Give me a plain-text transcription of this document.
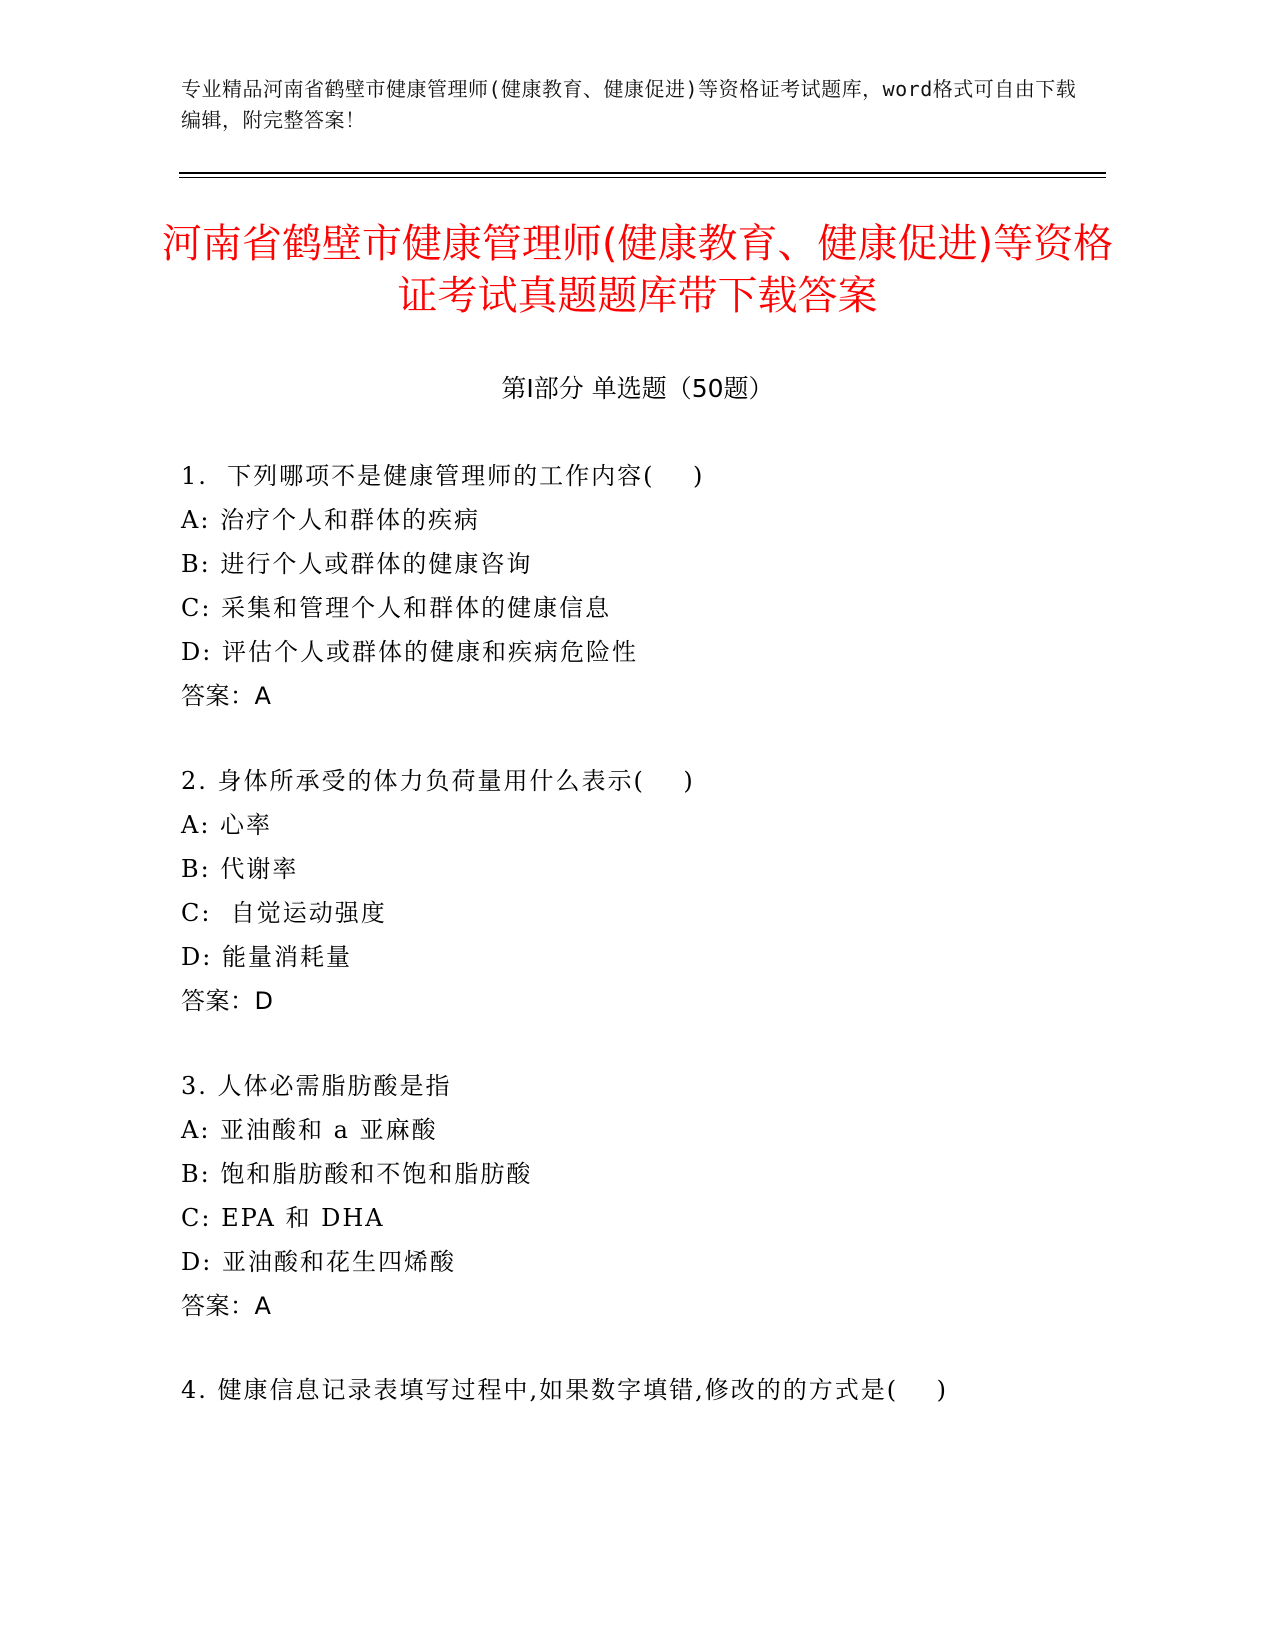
专业精品河南省鹤壁市健康管理师(健康教育、健康促进)等资格证考试题库，word格式可自由下载编辑，附完整答案！
河南省鹤壁市健康管理师(健康教育、健康促进)等资格证考试真题题库带下载答案
第Ⅰ部分 单选题（50题）
1.  下列哪项不是健康管理师的工作内容(    )
A: 治疗个人和群体的疾病
B: 进行个人或群体的健康咨询
C: 采集和管理个人和群体的健康信息
D: 评估个人或群体的健康和疾病危险性
答案：A
2. 身体所承受的体力负荷量用什么表示(    )
A: 心率
B: 代谢率
C:  自觉运动强度
D: 能量消耗量
答案：D
3. 人体必需脂肪酸是指
A: 亚油酸和 a 亚麻酸
B: 饱和脂肪酸和不饱和脂肪酸
C: EPA 和 DHA
D: 亚油酸和花生四烯酸
答案：A
4. 健康信息记录表填写过程中,如果数字填错,修改的的方式是(    )
